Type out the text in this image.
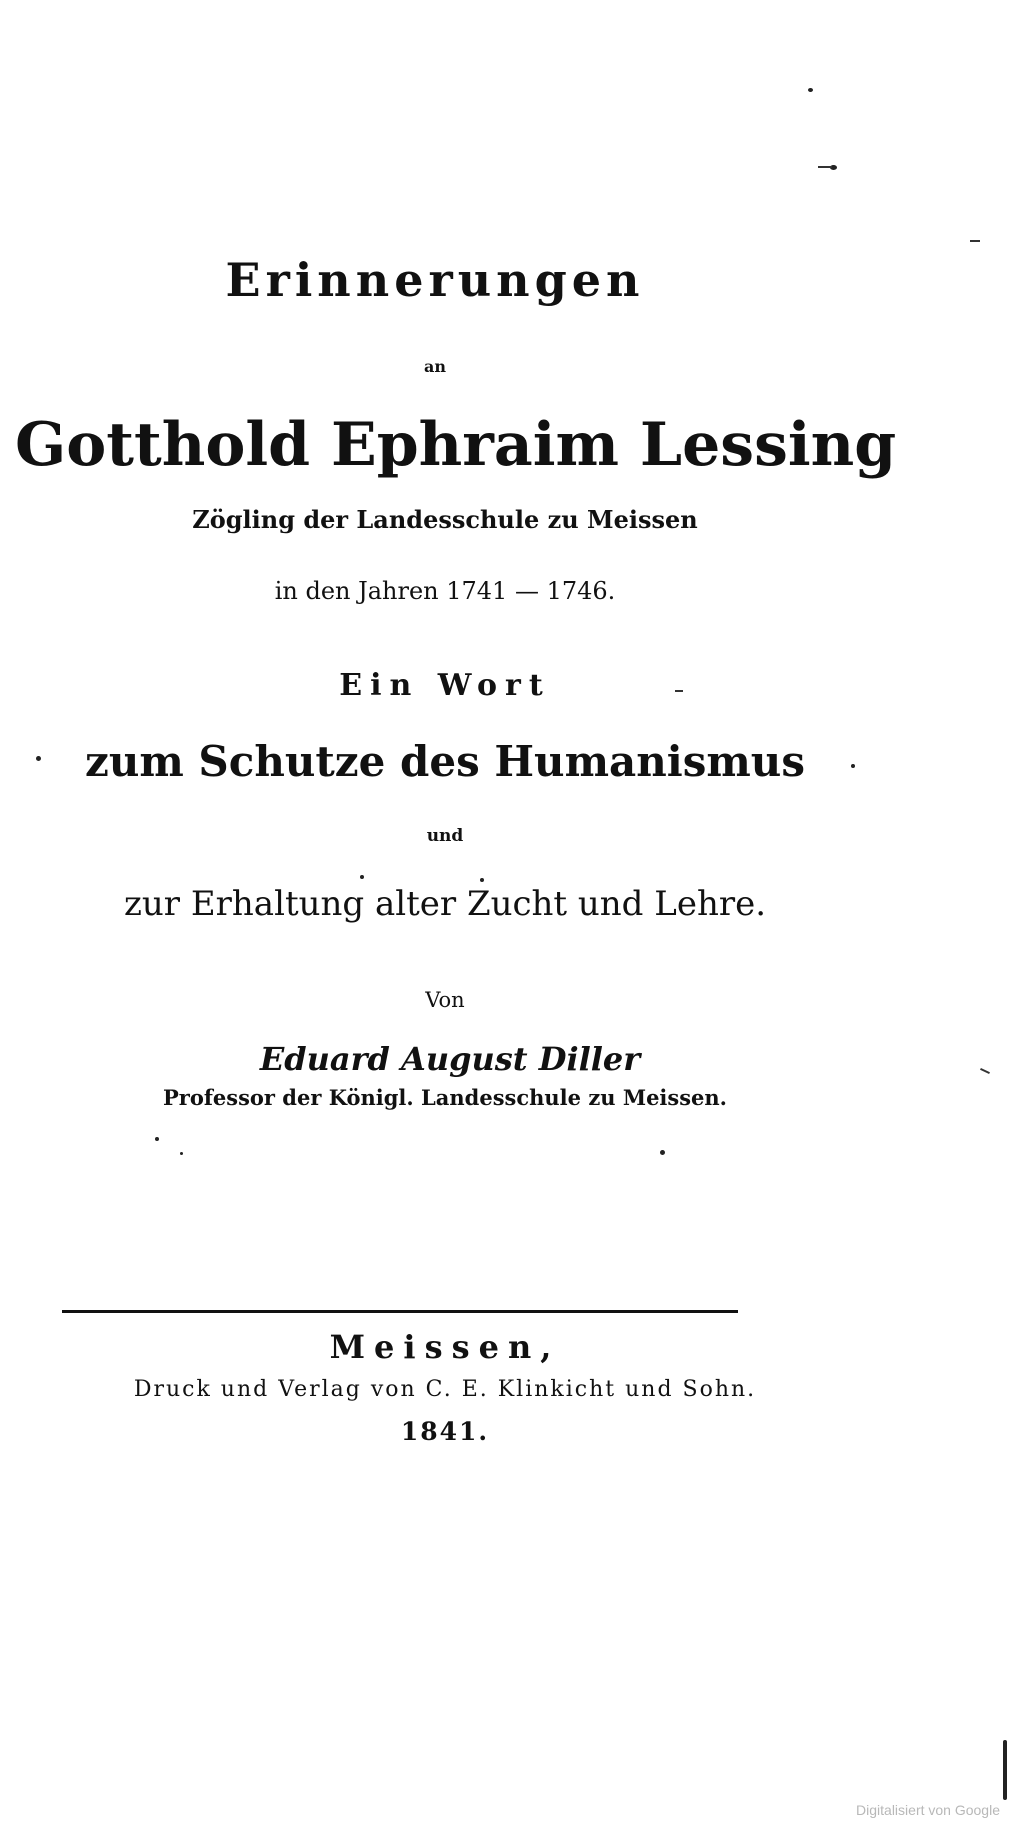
Erinnerungen
an
Gotthold Ephraim Lessing
Zögling der Landesschule zu Meissen
in den Jahren 1741 — 1746.
Ein Wort
zum Schutze des Humanismus
und
zur Erhaltung alter Zucht und Lehre.
Von
Eduard August Diller
Professor der Königl. Landesschule zu Meissen.
Meissen,
Druck und Verlag von C. E. Klinkicht und Sohn.
1841.
Digitalisiert von Google
